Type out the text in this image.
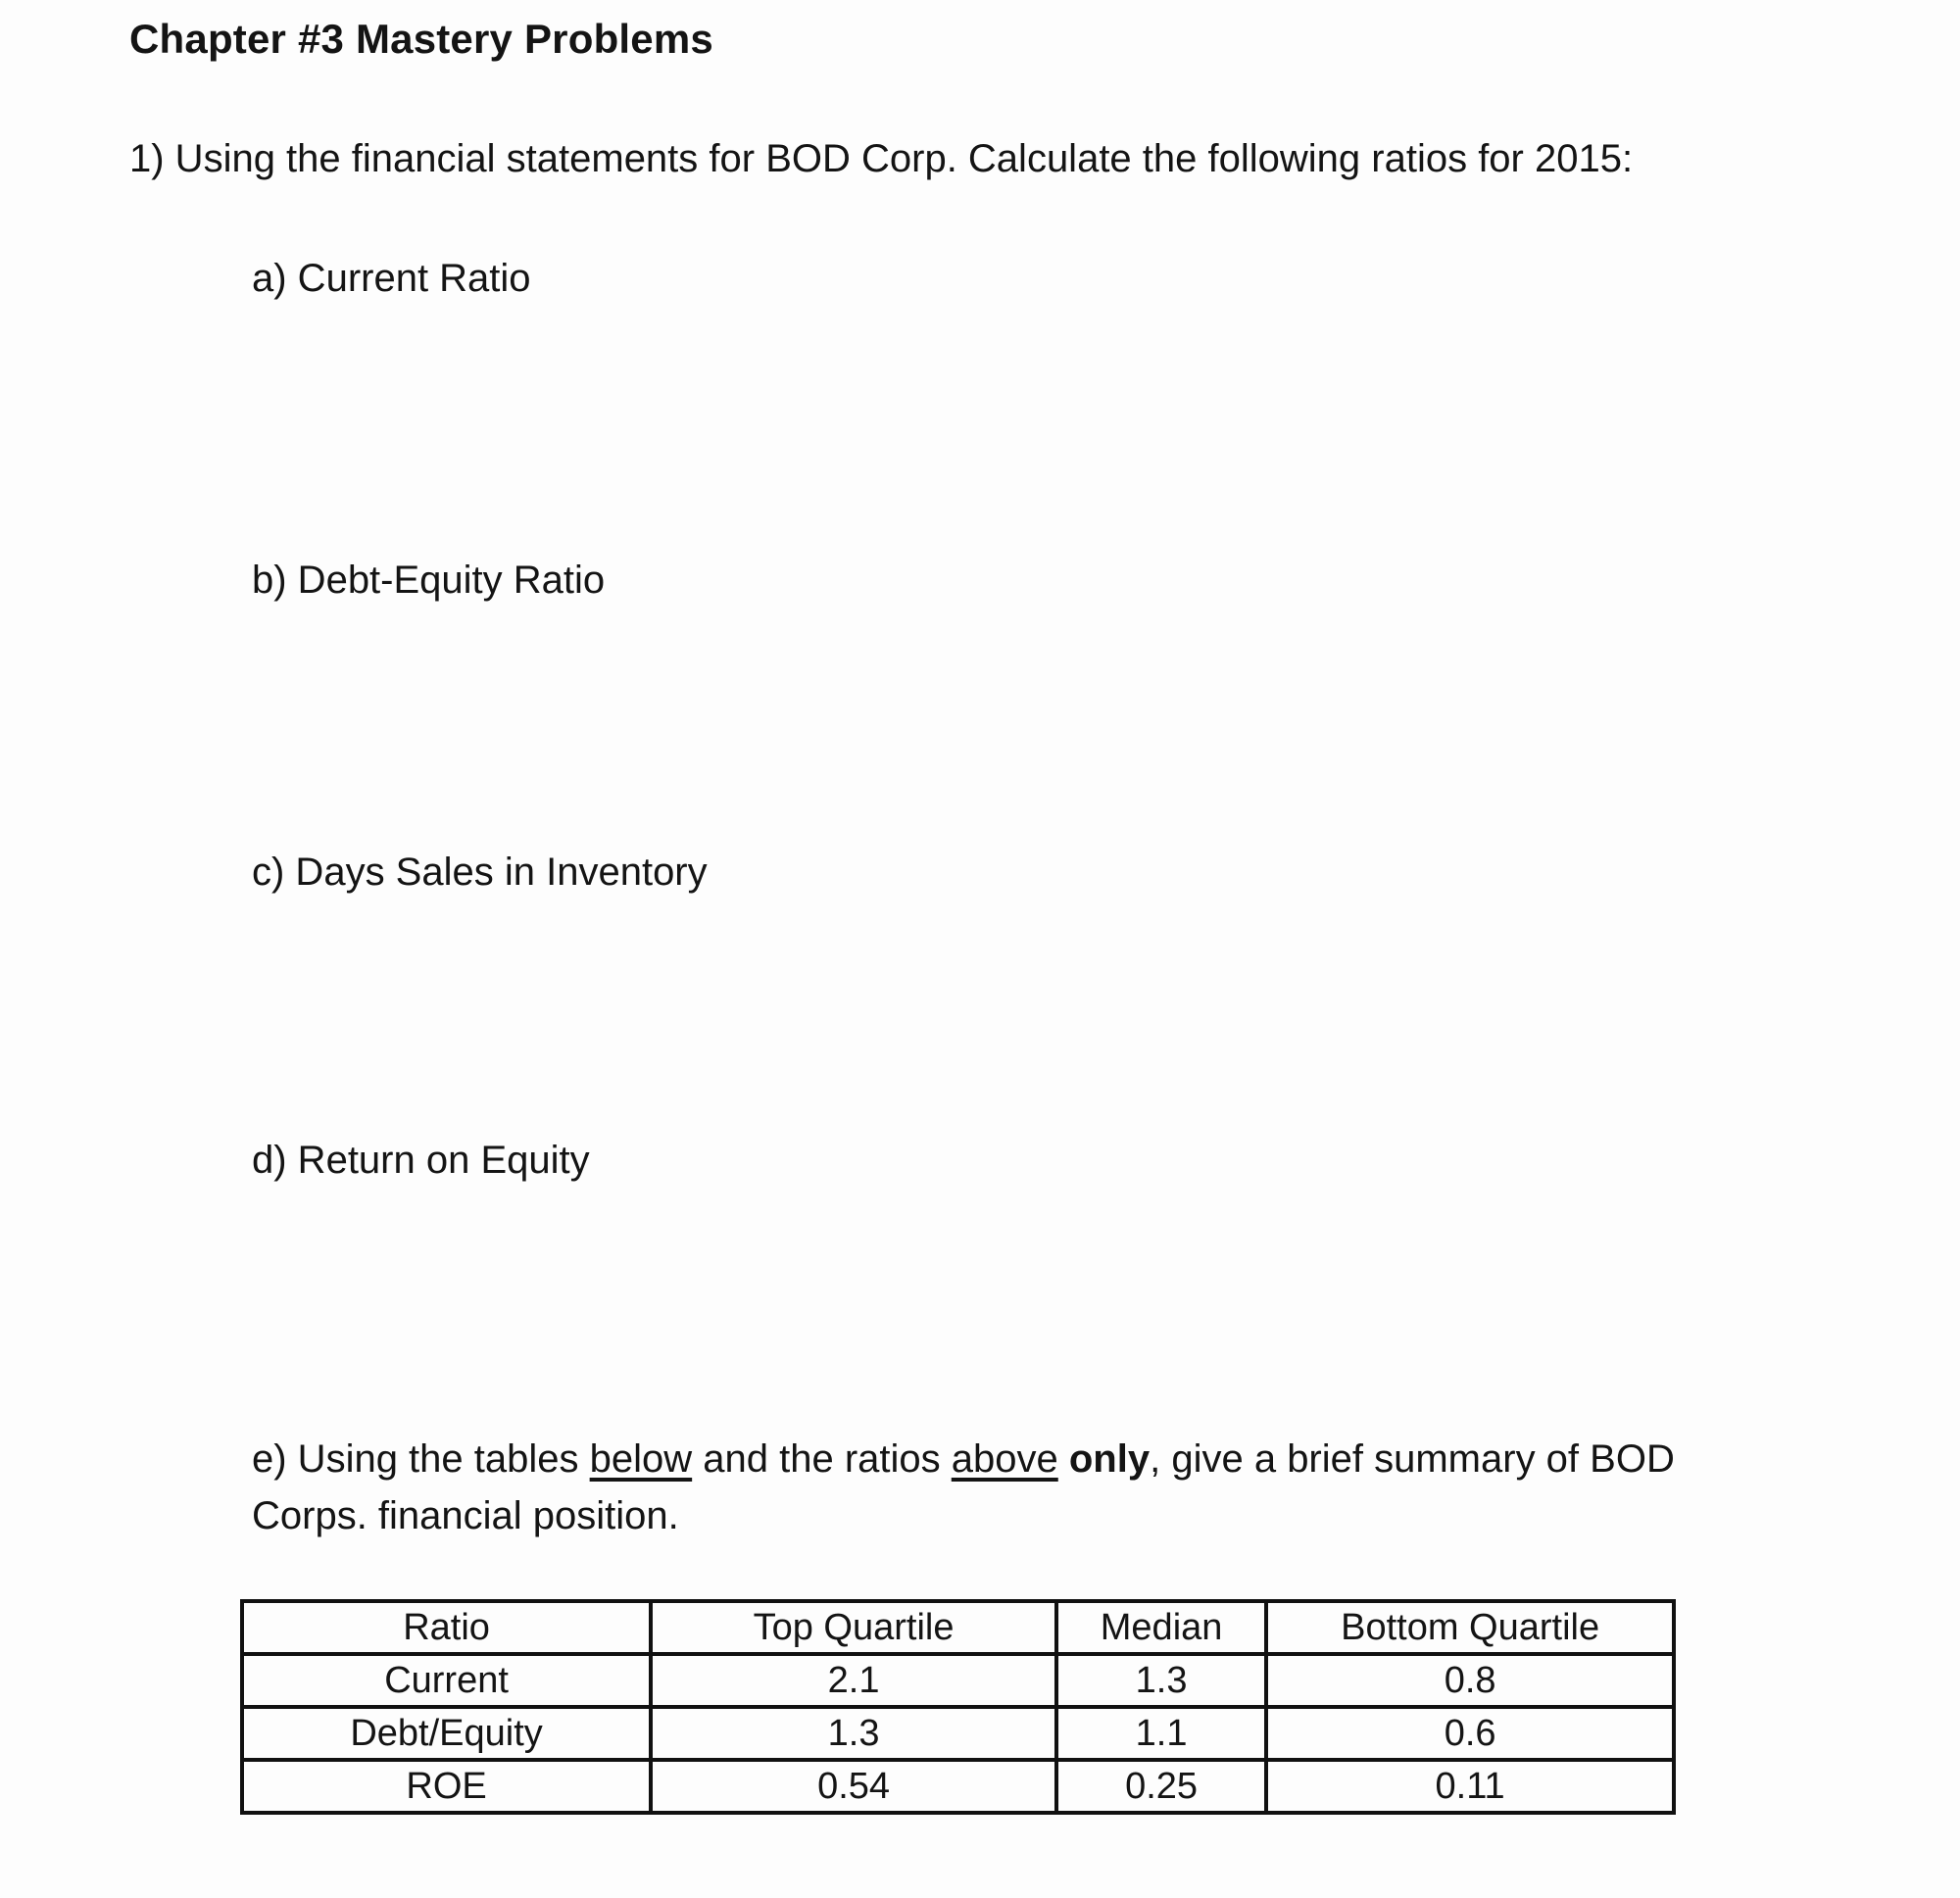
Chapter #3 Mastery Problems
1) Using the financial statements for BOD Corp. Calculate the following ratios for 2015:
a) Current Ratio
b) Debt-Equity Ratio
c) Days Sales in Inventory
d) Return on Equity
e) Using the tables below and the ratios above only, give a brief summary of BOD Corps. financial position.
Ratio	Top Quartile	Median	Bottom Quartile
Current	2.1	1.3	0.8
Debt/Equity	1.3	1.1	0.6
ROE	0.54	0.25	0.11
